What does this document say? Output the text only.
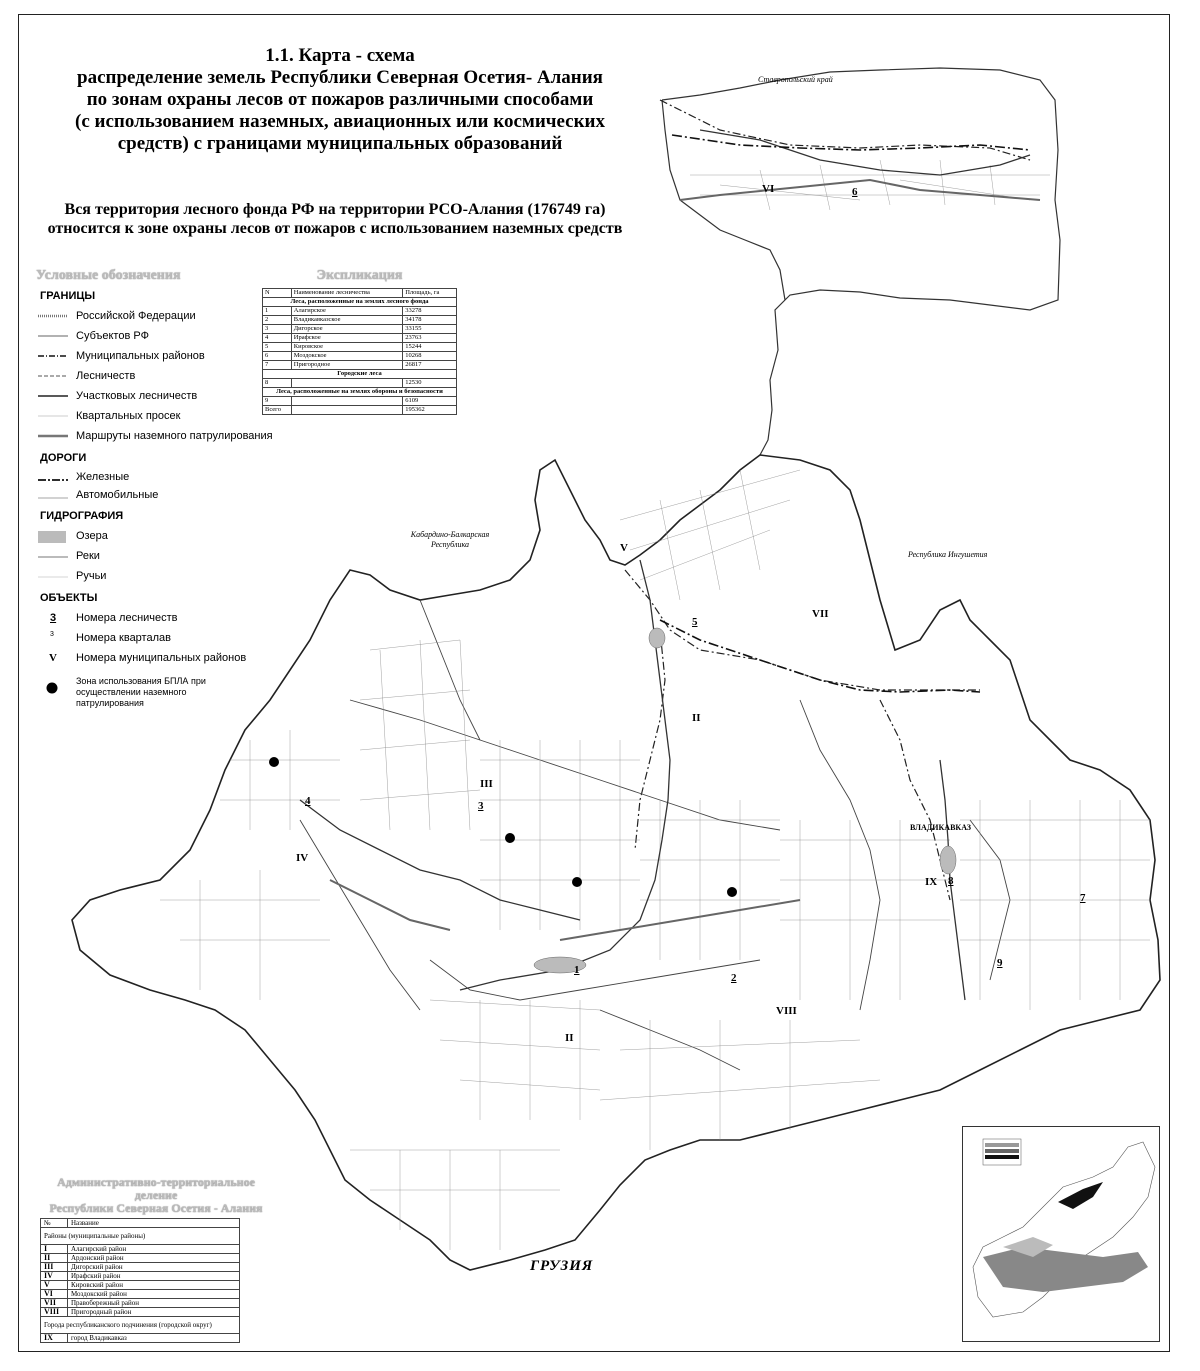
1.1. Карта - схема
распределение земель Республики Северная Осетия- Алания
по зонам охраны лесов от пожаров различными способами
(с использованием наземных, авиационных или космических
средств) с границами муниципальных образований
Вся территория лесного фонда РФ на территории РСО-Алания (176749 га)
относится к зоне охраны лесов от пожаров с использованием наземных средств
Условные обозначения
ГРАНИЦЫ
Российской Федерации
Субъектов РФ
Муниципальных районов
Лесничеств
Участковых лесничеств
Квартальных просек
Маршруты наземного патрулирования
ДОРОГИ
Железные
Автомобильные
ГИДРОГРАФИЯ
Озера
Реки
Ручьи
ОБЪЕКТЫ
3	Номера лесничеств
3	Номера кварталав
V	Номера муниципальных районов
Зона использования БПЛА при осуществлении наземного патрулирования
Экспликация
N	Наименование лесничества	Площадь, га
Леса, расположенные на землях лесного фонда		
1	Алагирское	33278
2	Владикавказское	34178
3	Дигорское	33155
4	Ирафское	23763
5	Кировское	15244
6	Моздокское	10268
7	Пригородное	26817
Городские леса		
8		12530
Леса, расположенные на землях обороны и безопасности		
9		6109
Всего		195362
Административно-территориальное деление
Республики Северная Осетия - Алания
№	Название
Районы (муниципальные районы)	
I	Алагирский район
II	Ардонский район
III	Дигорский район
IV	Ирафский район
V	Кировский район
VI	Моздокский район
VII	Правобережный район
VIII	Пригородный район
Города республиканского подчинения (городской округ)	
IX	город Владикавказ
Ставропольский край
Кабардино-Балкарская Республика
Республика Ингушетия
ГРУЗИЯ
ВЛАДИКАВКАЗ
VI
V
VII
II
III
IV
IX
VIII
II
6
5
3
4
1
2
8
7
9
